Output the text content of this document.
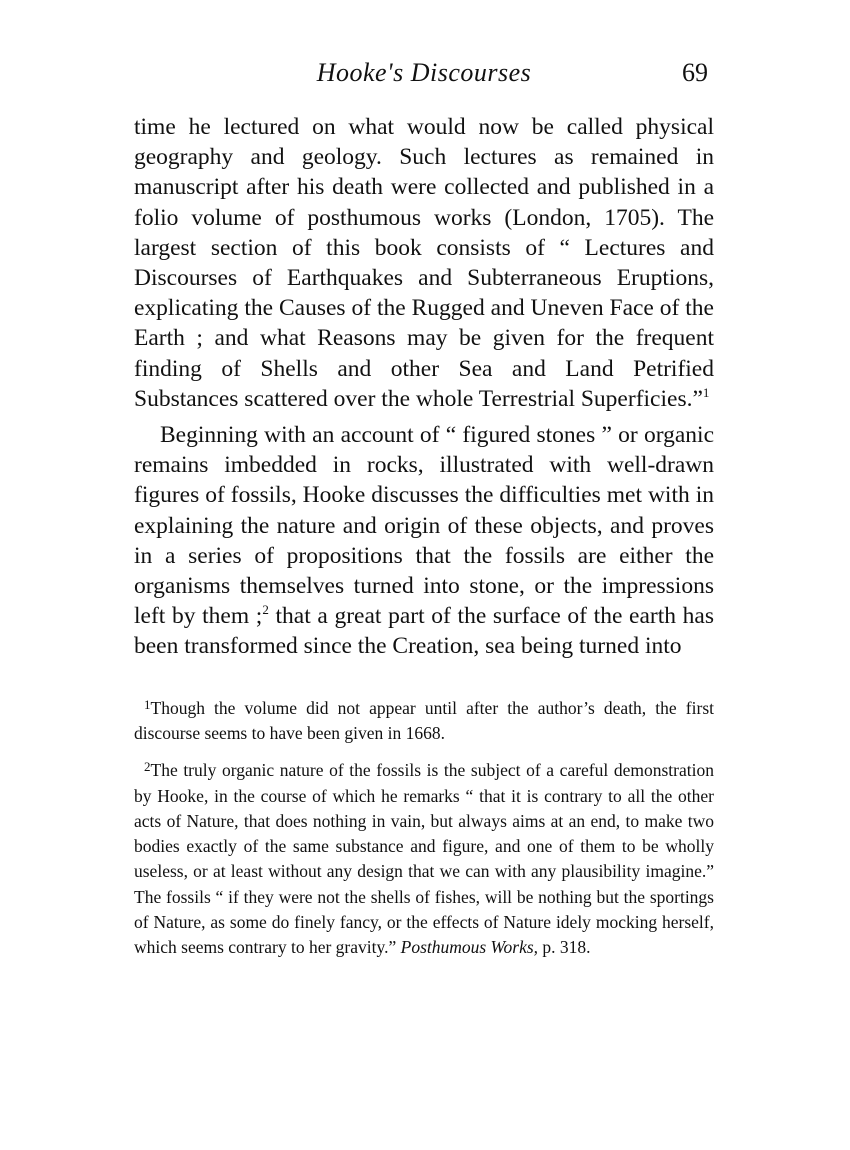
Hooke's Discourses	69

time he lectured on what would now be called physical geography and geology. Such lectures as remained in manuscript after his death were collected and published in a folio volume of posthumous works (London, 1705). The largest section of this book consists of “ Lectures and Discourses of Earthquakes and Subterraneous Eruptions, explicating the Causes of the Rugged and Uneven Face of the Earth ; and what Reasons may be given for the frequent finding of Shells and other Sea and Land Petrified Substances scattered over the whole Terrestrial Superficies.”$^1$

Beginning with an account of “ figured stones ” or organic remains imbedded in rocks, illustrated with well-drawn figures of fossils, Hooke discusses the difficulties met with in explaining the nature and origin of these objects, and proves in a series of propositions that the fossils are either the organisms themselves turned into stone, or the impressions left by them ;$^2$ that a great part of the surface of the earth has been transformed since the Creation, sea being turned into

$^1$Though the volume did not appear until after the author’s death, the first discourse seems to have been given in 1668.

$^2$The truly organic nature of the fossils is the subject of a careful demonstration by Hooke, in the course of which he remarks “ that it is contrary to all the other acts of Nature, that does nothing in vain, but always aims at an end, to make two bodies exactly of the same substance and figure, and one of them to be wholly useless, or at least without any design that we can with any plausibility imagine.” The fossils “ if they were not the shells of fishes, will be nothing but the sportings of Nature, as some do finely fancy, or the effects of Nature idely mocking herself, which seems contrary to her gravity.” Posthumous Works, p. 318.
